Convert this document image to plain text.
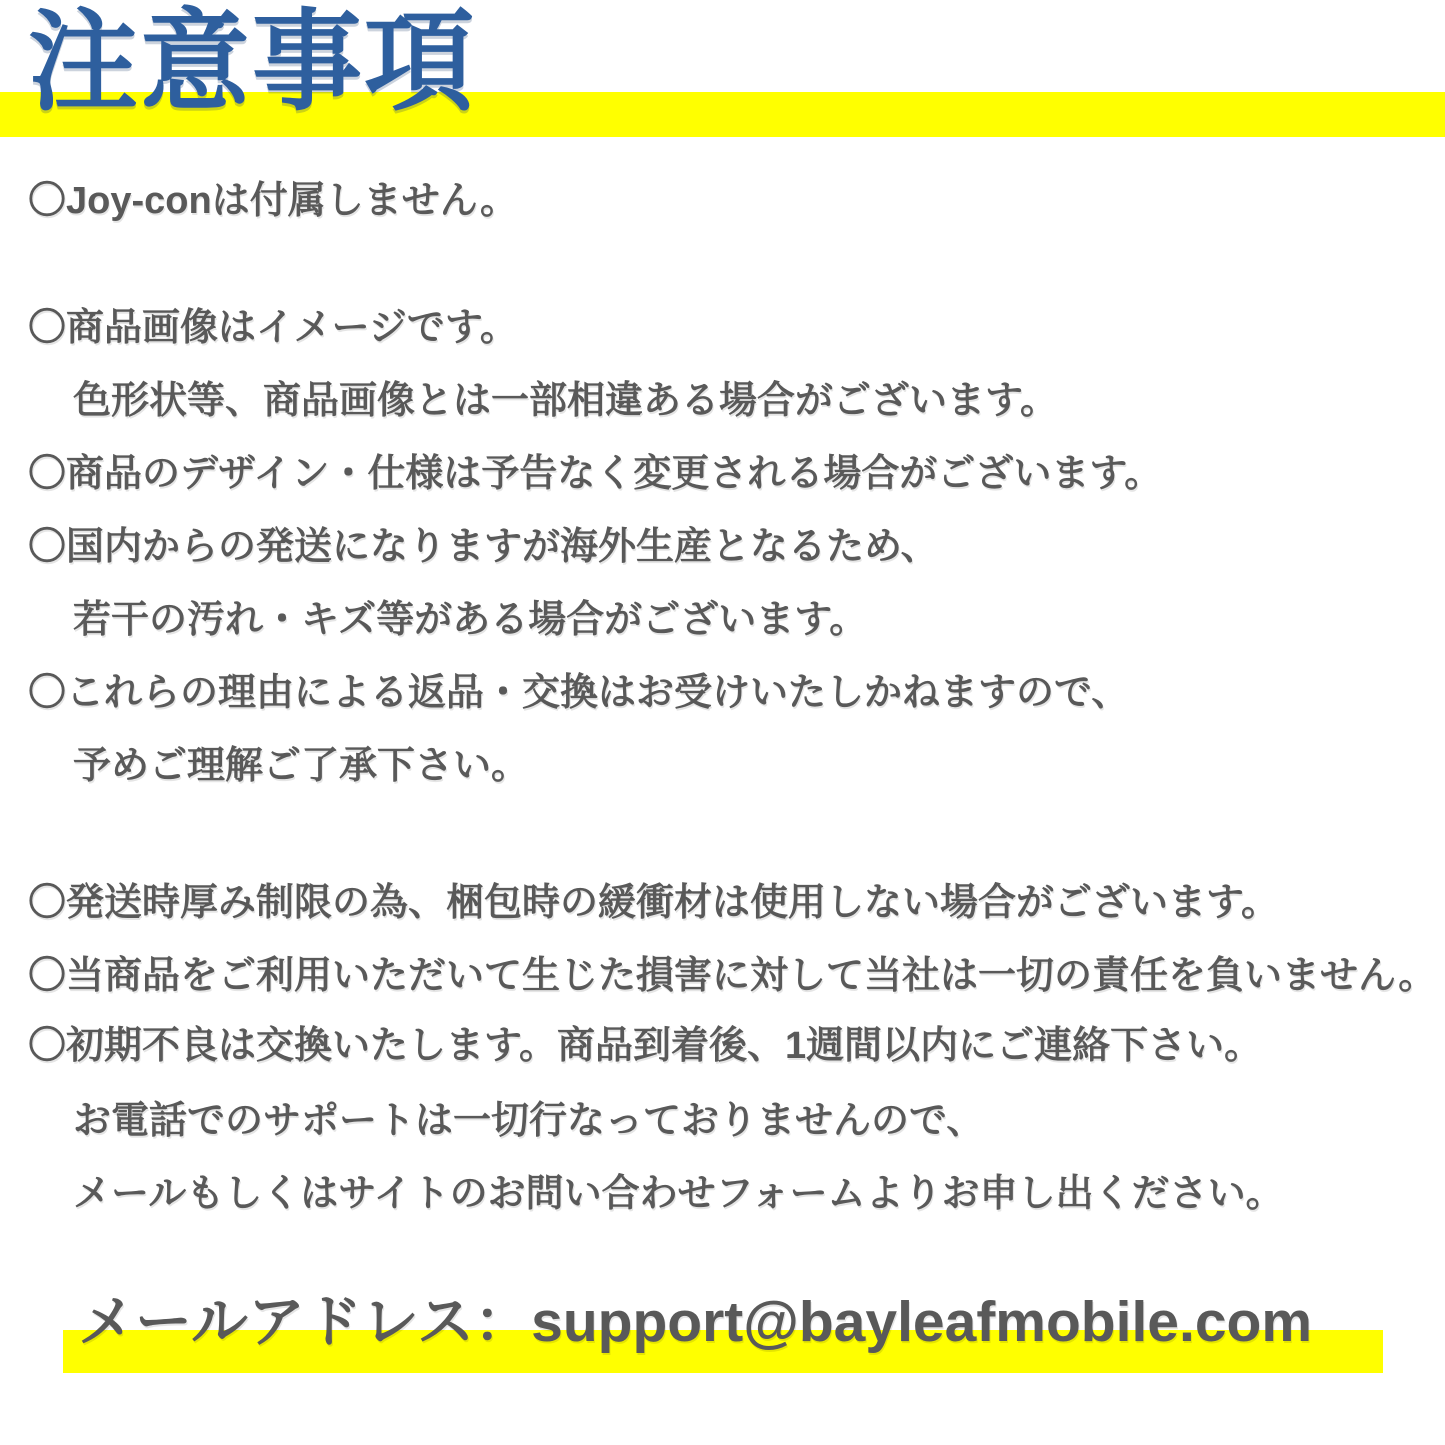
注意事項
〇Joy-conは付属しません。
〇商品画像はイメージです。
色形状等、商品画像とは一部相違ある場合がございます。
〇商品のデザイン・仕様は予告なく変更される場合がございます。
〇国内からの発送になりますが海外生産となるため、
若干の汚れ・キズ等がある場合がございます。
〇これらの理由による返品・交換はお受けいたしかねますので、
予めご理解ご了承下さい。
〇発送時厚み制限の為、梱包時の緩衝材は使用しない場合がございます。
〇当商品をご利用いただいて生じた損害に対して当社は一切の責任を負いません。
〇初期不良は交換いたします。商品到着後、1週間以内にご連絡下さい。
お電話でのサポートは一切行なっておりませんので、
メールもしくはサイトのお問い合わせフォームよりお申し出ください。
メールアドレス：support@bayleafmobile.com
